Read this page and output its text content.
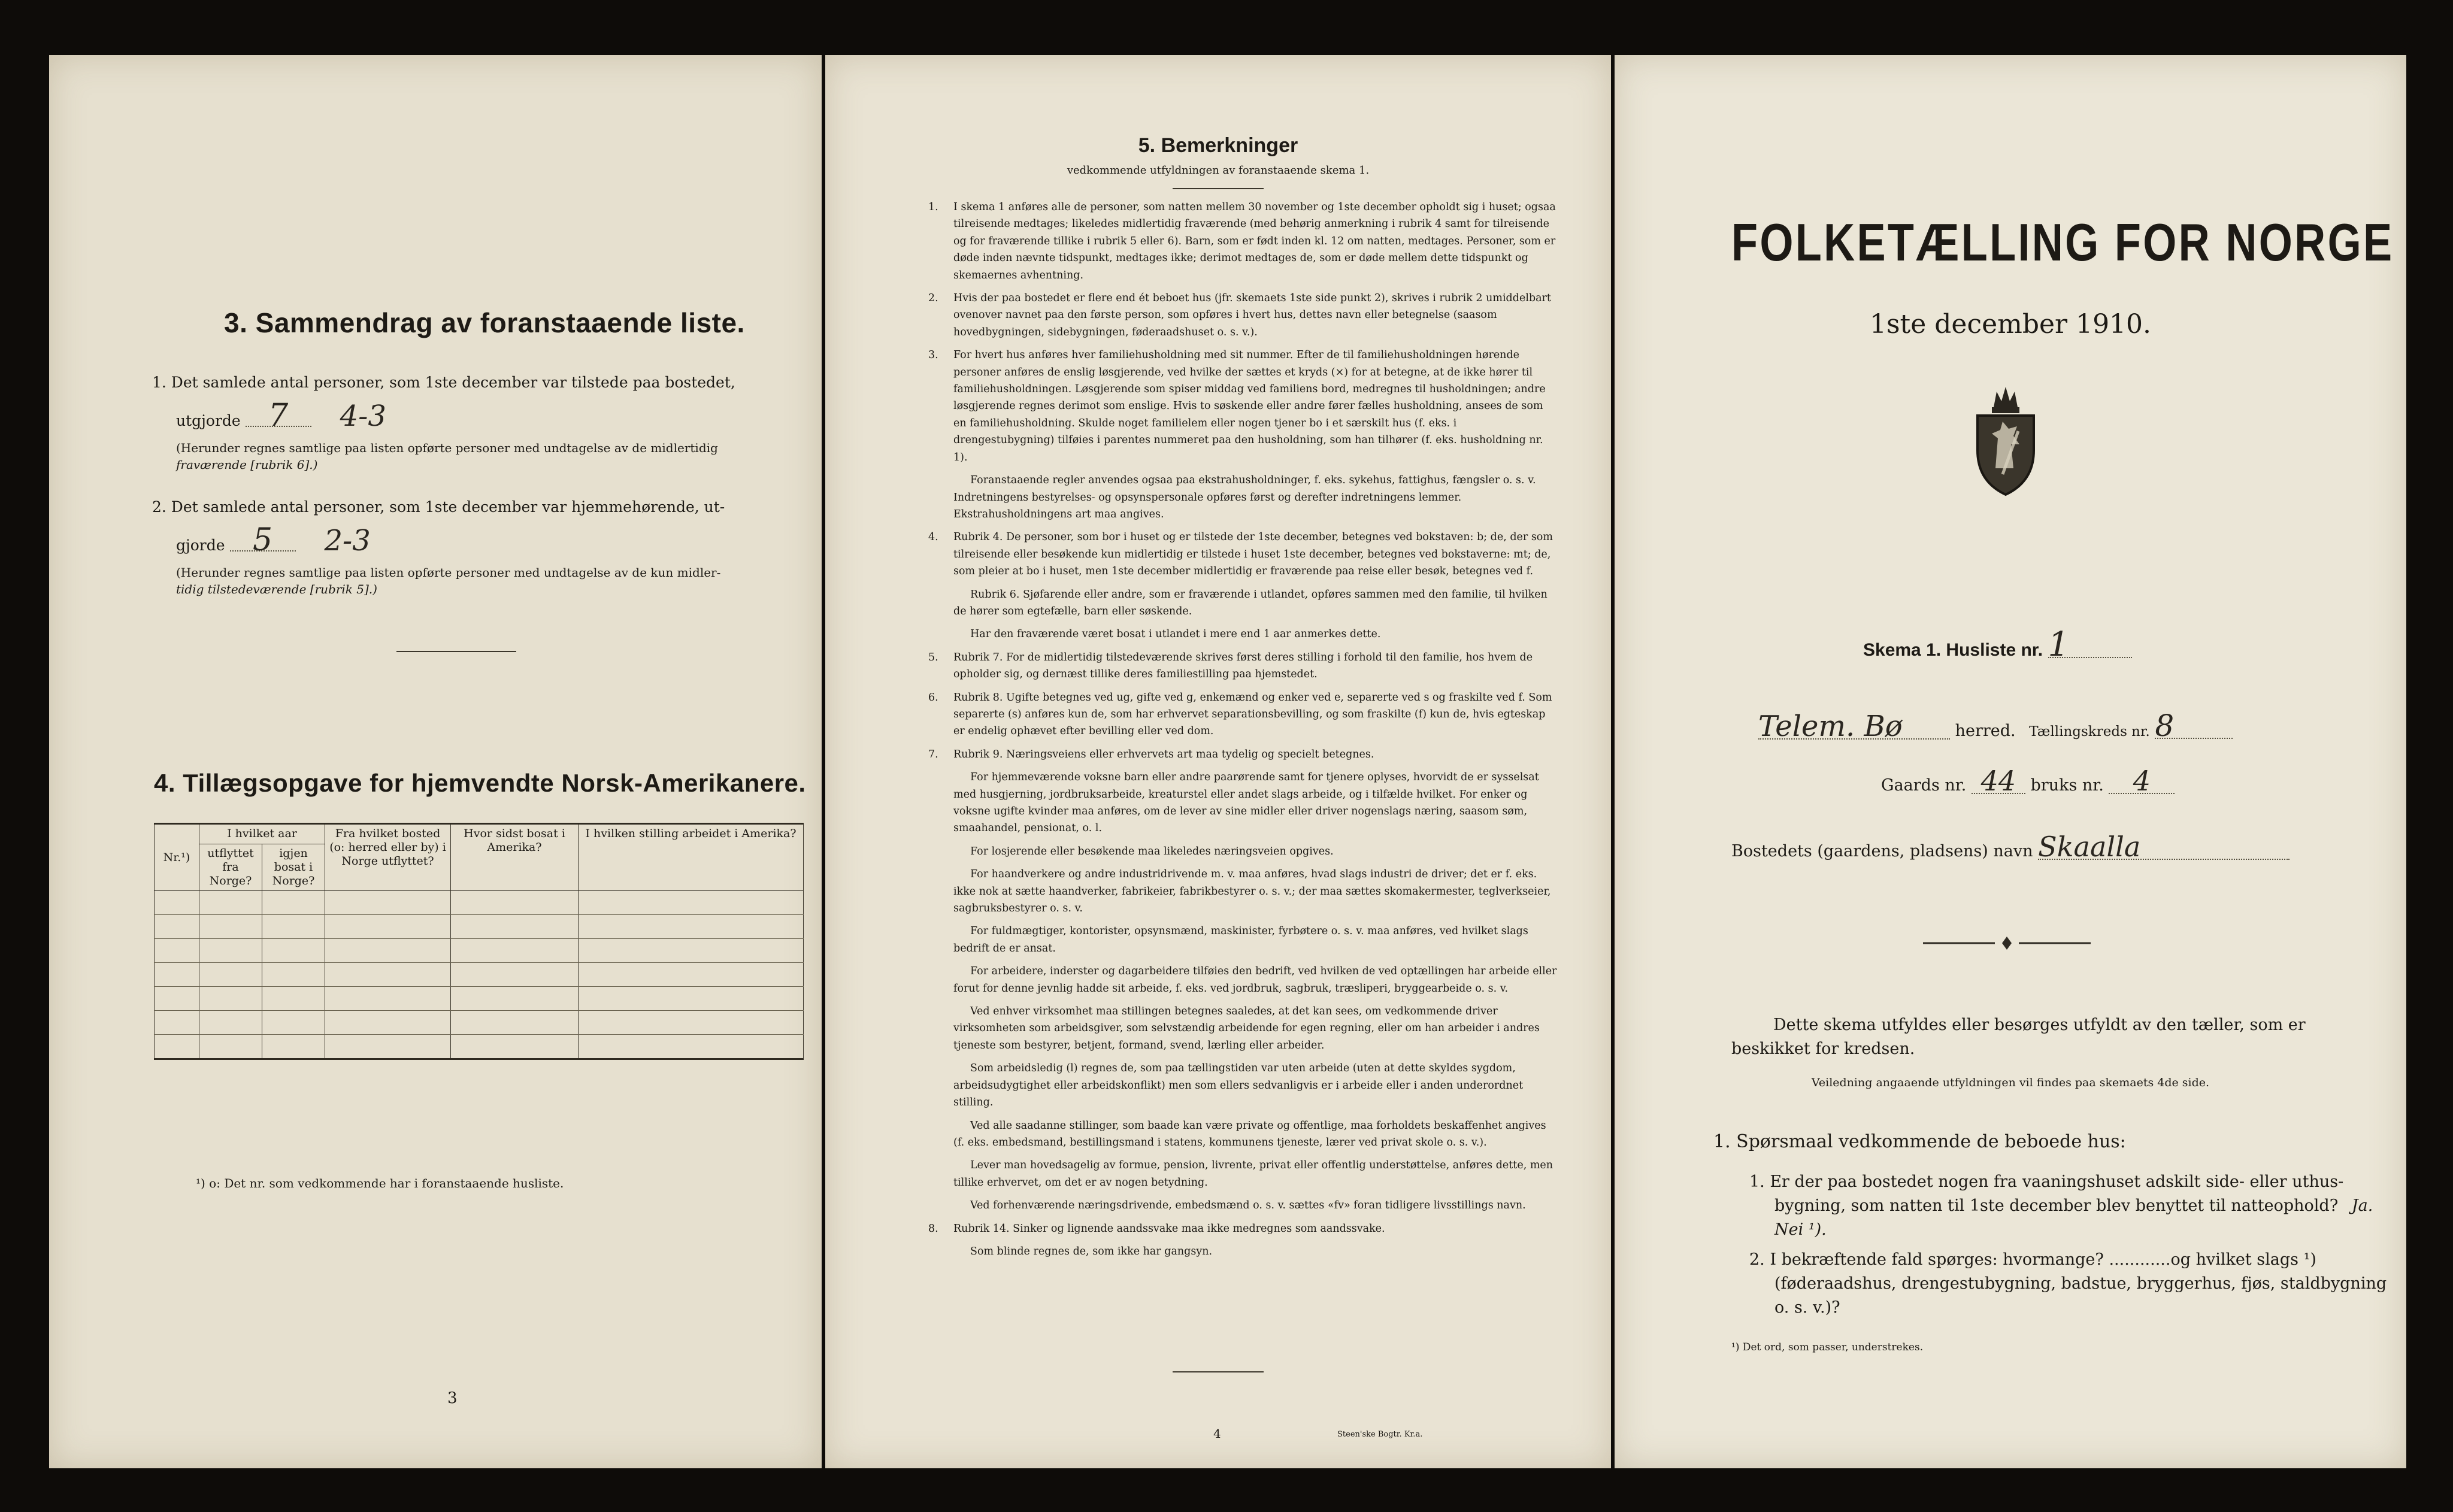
3. Sammendrag av foranstaaende liste.
1. Det samlede antal personer, som 1ste december var tilstede paa bostedet,
utgjorde 7 4-3
(Herunder regnes samtlige paa listen opførte personer med undtagelse av de midlertidig
fraværende [rubrik 6].)
2. Det samlede antal personer, som 1ste december var hjemmehørende, ut-
gjorde 5 2-3
(Herunder regnes samtlige paa listen opførte personer med undtagelse av de kun midler-
tidig tilstedeværende [rubrik 5].)
4. Tillægsopgave for hjemvendte Norsk-Amerikanere.
Nr.¹)	I hvilket aar		Fra hvilket bosted (o: herred eller by) i Norge utflyttet?	Hvor sidst bosat i Amerika?	I hvilken stilling arbeidet i Amerika?
	utflyttet fra Norge?	igjen bosat i Norge?			

¹) o: Det nr. som vedkommende har i foranstaaende husliste.
3
5. Bemerkninger
vedkommende utfyldningen av foranstaaende skema 1.

1. I skema 1 anføres alle de personer, som natten mellem 30 november og 1ste december opholdt sig i huset; ogsaa tilreisende medtages; likeledes midlertidig fraværende (med behørig anmerkning i rubrik 4 samt for tilreisende og for fraværende tillike i rubrik 5 eller 6). Barn, som er født inden kl. 12 om natten, medtages. Personer, som er døde inden nævnte tidspunkt, medtages ikke; derimot medtages de, som er døde mellem dette tidspunkt og skemaernes avhentning.

2. Hvis der paa bostedet er flere end ét beboet hus (jfr. skemaets 1ste side punkt 2), skrives i rubrik 2 umiddelbart ovenover navnet paa den første person, som opføres i hvert hus, dettes navn eller betegnelse (saasom hovedbygningen, sidebygningen, føderaadshuset o. s. v.).

3. For hvert hus anføres hver familiehusholdning med sit nummer. Efter de til familiehusholdningen hørende personer anføres de enslig løsgjerende, ved hvilke der sættes et kryds (×) for at betegne, at de ikke hører til familiehusholdningen. Løsgjerende som spiser middag ved familiens bord, medregnes til husholdningen; andre løsgjerende regnes derimot som enslige. Hvis to søskende eller andre fører fælles husholdning, ansees de som en familiehusholdning. Skulde noget familielem eller nogen tjener bo i et særskilt hus (f. eks. i drengestubygning) tilføies i parentes nummeret paa den husholdning, som han tilhører (f. eks. husholdning nr. 1).

Foranstaaende regler anvendes ogsaa paa ekstrahusholdninger, f. eks. sykehus, fattighus, fængsler o. s. v. Indretningens bestyrelses- og opsynspersonale opføres først og derefter indretningens lemmer. Ekstrahusholdningens art maa angives.

4. Rubrik 4. De personer, som bor i huset og er tilstede der 1ste december, betegnes ved bokstaven: b; de, der som tilreisende eller besøkende kun midlertidig er tilstede i huset 1ste december, betegnes ved bokstaverne: mt; de, som pleier at bo i huset, men 1ste december midlertidig er fraværende paa reise eller besøk, betegnes ved f.

Rubrik 6. Sjøfarende eller andre, som er fraværende i utlandet, opføres sammen med den familie, til hvilken de hører som egtefælle, barn eller søskende.

Har den fraværende været bosat i utlandet i mere end 1 aar anmerkes dette.

5. Rubrik 7. For de midlertidig tilstedeværende skrives først deres stilling i forhold til den familie, hos hvem de opholder sig, og dernæst tillike deres familiestilling paa hjemstedet.

6. Rubrik 8. Ugifte betegnes ved ug, gifte ved g, enkemænd og enker ved e, separerte ved s og fraskilte ved f. Som separerte (s) anføres kun de, som har erhvervet separationsbevilling, og som fraskilte (f) kun de, hvis egteskap er endelig ophævet efter bevilling eller ved dom.

7. Rubrik 9. Næringsveiens eller erhvervets art maa tydelig og specielt betegnes.

For hjemmeværende voksne barn eller andre paarørende samt for tjenere oplyses, hvorvidt de er sysselsat med husgjerning, jordbruksarbeide, kreaturstel eller andet slags arbeide, og i tilfælde hvilket. For enker og voksne ugifte kvinder maa anføres, om de lever av sine midler eller driver nogenslags næring, saasom søm, smaahandel, pensionat, o. l.

For losjerende eller besøkende maa likeledes næringsveien opgives.

For haandverkere og andre industridrivende m. v. maa anføres, hvad slags industri de driver; det er f. eks. ikke nok at sætte haandverker, fabrikeier, fabrikbestyrer o. s. v.; der maa sættes skomakermester, teglverkseier, sagbruksbestyrer o. s. v.

For fuldmægtiger, kontorister, opsynsmænd, maskinister, fyrbøtere o. s. v. maa anføres, ved hvilket slags bedrift de er ansat.

For arbeidere, inderster og dagarbeidere tilføies den bedrift, ved hvilken de ved optællingen har arbeide eller forut for denne jevnlig hadde sit arbeide, f. eks. ved jordbruk, sagbruk, træsliperi, bryggearbeide o. s. v.

Ved enhver virksomhet maa stillingen betegnes saaledes, at det kan sees, om vedkommende driver virksomheten som arbeidsgiver, som selvstændig arbeidende for egen regning, eller om han arbeider i andres tjeneste som bestyrer, betjent, formand, svend, lærling eller arbeider.

Som arbeidsledig (l) regnes de, som paa tællingstiden var uten arbeide (uten at dette skyldes sygdom, arbeidsudygtighet eller arbeidskonflikt) men som ellers sedvanligvis er i arbeide eller i anden underordnet stilling.

Ved alle saadanne stillinger, som baade kan være private og offentlige, maa forholdets beskaffenhet angives (f. eks. embedsmand, bestillingsmand i statens, kommunens tjeneste, lærer ved privat skole o. s. v.).

Lever man hovedsagelig av formue, pension, livrente, privat eller offentlig understøttelse, anføres dette, men tillike erhvervet, om det er av nogen betydning.

Ved forhenværende næringsdrivende, embedsmænd o. s. v. sættes «fv» foran tidligere livsstillings navn.

8. Rubrik 14. Sinker og lignende aandssvake maa ikke medregnes som aandssvake.

Som blinde regnes de, som ikke har gangsyn.

4	Steen'ske Bogtr. Kr.a.
FOLKETÆLLING FOR NORGE
1ste december 1910.
Skema 1. Husliste nr. 1
Telem. Bø	herred. Tællingskreds nr. 8
Gaards nr. 44 bruks nr. 4
Bostedets (gaardens, pladsens) navn Skaalla
Dette skema utfyldes eller besørges utfyldt av den tæller, som er beskikket for kredsen.
Veiledning angaaende utfyldningen vil findes paa skemaets 4de side.
1. Spørsmaal vedkommende de beboede hus:
1. Er der paa bostedet nogen fra vaaningshuset adskilt side- eller uthus-bygning, som natten til 1ste december blev benyttet til natteophold? Ja. Nei ¹).
2. I bekræftende fald spørges: hvormange? ............og hvilket slags ¹) (føderaadshus, drengestubygning, badstue, bryggerhus, fjøs, staldbygning o. s. v.)?
¹) Det ord, som passer, understrekes.
